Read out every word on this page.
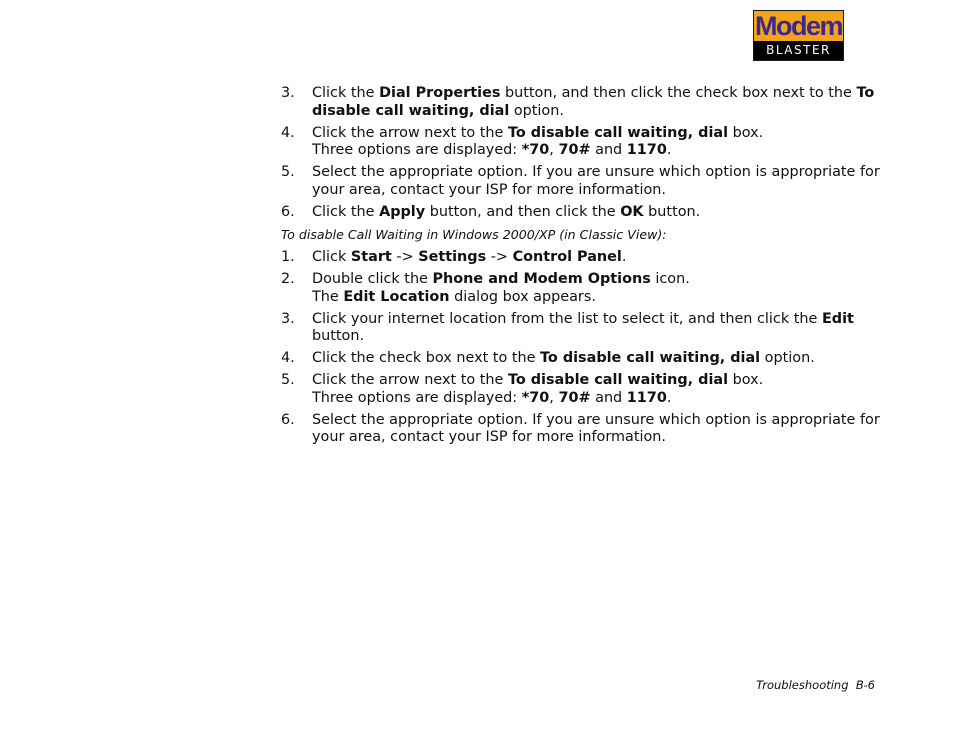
Modem
BLASTER
3. Click the Dial Properties button, and then click the check box next to the To disable call waiting, dial option.
4. Click the arrow next to the To disable call waiting, dial box.
Three options are displayed: *70, 70# and 1170.
5. Select the appropriate option. If you are unsure which option is appropriate for your area, contact your ISP for more information.
6. Click the Apply button, and then click the OK button.
To disable Call Waiting in Windows 2000/XP (in Classic View):
1. Click Start -> Settings -> Control Panel.
2. Double click the Phone and Modem Options icon.
The Edit Location dialog box appears.
3. Click your internet location from the list to select it, and then click the Edit button.
4. Click the check box next to the To disable call waiting, dial option.
5. Click the arrow next to the To disable call waiting, dial box.
Three options are displayed: *70, 70# and 1170.
6. Select the appropriate option. If you are unsure which option is appropriate for your area, contact your ISP for more information.
Troubleshooting  B-6
